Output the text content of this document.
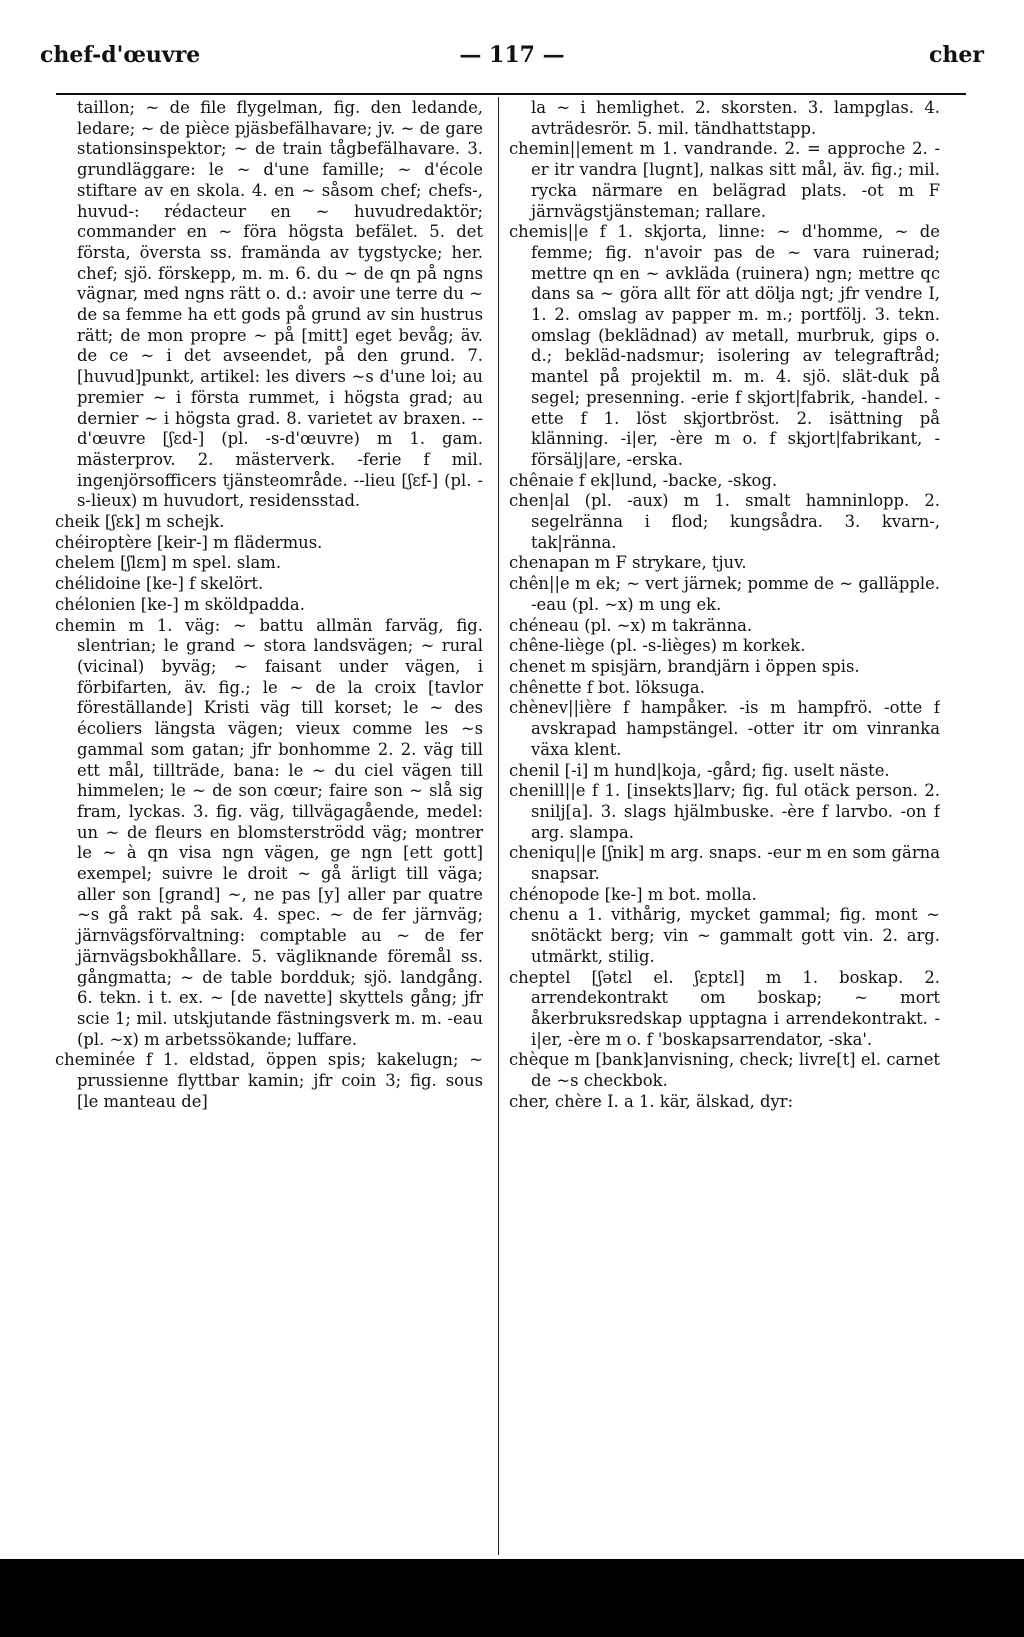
chef-d'œuvre	— 117 —	cher

taillon; ~ de file flygelman, fig. den ledande, ledare; ~ de pièce pjäsbefälhavare; jv. ~ de gare stationsinspektor; ~ de train tågbefälhavare. 3. grundläggare: le ~ d'une famille; ~ d'école stiftare av en skola. 4. en ~ såsom chef; chefs-, huvud-: rédacteur en ~ huvudredaktör; commander en ~ föra högsta befälet. 5. det första, översta ss. framända av tygstycke; her. chef; sjö. förskepp, m. m. 6. du ~ de qn på ngns vägnar, med ngns rätt o. d.: avoir une terre du ~ de sa femme ha ett gods på grund av sin hustrus rätt; de mon propre ~ på [mitt] eget bevåg; äv. de ce ~ i det avseendet, på den grund. 7. [huvud]punkt, artikel: les divers ~s d'une loi; au premier ~ i första rummet, i högsta grad; au dernier ~ i högsta grad. 8. varietet av braxen. --d'œuvre [ʃɛd-] (pl. -s-d'œuvre) m 1. gam. mästerprov. 2. mästerverk. -ferie f mil. ingenjörsofficers tjänsteområde. --lieu [ʃɛf-] (pl. -s-lieux) m huvudort, residensstad.

cheik [ʃɛk] m schejk.

chéiroptère [keir-] m flädermus.

chelem [ʃlɛm] m spel. slam.

chélidoine [ke-] f skelört.

chélonien [ke-] m sköldpadda.

chemin m 1. väg: ~ battu allmän farväg, fig. slentrian; le grand ~ stora landsvägen; ~ rural (vicinal) byväg; ~ faisant under vägen, i förbifarten, äv. fig.; le ~ de la croix [tavlor föreställande] Kristi väg till korset; le ~ des écoliers längsta vägen; vieux comme les ~s gammal som gatan; jfr bonhomme 2. 2. väg till ett mål, tillträde, bana: le ~ du ciel vägen till himmelen; le ~ de son cœur; faire son ~ slå sig fram, lyckas. 3. fig. väg, tillvägagående, medel: un ~ de fleurs en blomsterströdd väg; montrer le ~ à qn visa ngn vägen, ge ngn [ett gott] exempel; suivre le droit ~ gå ärligt till väga; aller son [grand] ~, ne pas [y] aller par quatre ~s gå rakt på sak. 4. spec. ~ de fer järnväg; järnvägsförvaltning: comptable au ~ de fer järnvägsbokhållare. 5. vägliknande föremål ss. gångmatta; ~ de table bordduk; sjö. landgång. 6. tekn. i t. ex. ~ [de navette] skyttels gång; jfr scie 1; mil. utskjutande fästningsverk m. m. -eau (pl. ~x) m arbetssökande; luffare.

cheminée f 1. eldstad, öppen spis; kakelugn; ~ prussienne flyttbar kamin; jfr coin 3; fig. sous [le manteau de]

la ~ i hemlighet. 2. skorsten. 3. lampglas. 4. avträdesrör. 5. mil. tändhattstapp.

chemin||ement m 1. vandrande. 2. = approche 2. -er itr vandra [lugnt], nalkas sitt mål, äv. fig.; mil. rycka närmare en belägrad plats. -ot m F järnvägstjänsteman; rallare.

chemis||e f 1. skjorta, linne: ~ d'homme, ~ de femme; fig. n'avoir pas de ~ vara ruinerad; mettre qn en ~ avkläda (ruinera) ngn; mettre qc dans sa ~ göra allt för att dölja ngt; jfr vendre I, 1. 2. omslag av papper m. m.; portfölj. 3. tekn. omslag (beklädnad) av metall, murbruk, gips o. d.; bekläd-nadsmur; isolering av telegraftråd; mantel på projektil m. m. 4. sjö. slät-duk på segel; presenning. -erie f skjort|fabrik, -handel. -ette f 1. löst skjortbröst. 2. isättning på klänning. -i|er, -ère m o. f skjort|fabrikant, -försälj|are, -erska.

chênaie f ek|lund, -backe, -skog.

chen|al (pl. -aux) m 1. smalt hamninlopp. 2. segelränna i flod; kungsådra. 3. kvarn-, tak|ränna.

chenapan m F strykare, tjuv.

chên||e m ek; ~ vert järnek; pomme de ~ galläpple. -eau (pl. ~x) m ung ek.

chéneau (pl. ~x) m takränna.

chêne-liège (pl. -s-lièges) m korkek.

chenet m spisjärn, brandjärn i öppen spis.

chênette f bot. löksuga.

chènev||ière f hampåker. -is m hampfrö. -otte f avskrapad hampstängel. -otter itr om vinranka växa klent.

chenil [-i] m hund|koja, -gård; fig. uselt näste.

chenill||e f 1. [insekts]larv; fig. ful otäck person. 2. snilj[a]. 3. slags hjälmbuske. -ère f larvbo. -on f arg. slampa.

cheniqu||e [ʃnik] m arg. snaps. -eur m en som gärna snapsar.

chénopode [ke-] m bot. molla.

chenu a 1. vithårig, mycket gammal; fig. mont ~ snötäckt berg; vin ~ gammalt gott vin. 2. arg. utmärkt, stilig.

cheptel [ʃətɛl el. ʃɛptɛl] m 1. boskap. 2. arrendekontrakt om boskap; ~ mort åkerbruksredskap upptagna i arrendekontrakt. -i|er, -ère m o. f 'boskapsarrendator, -ska'.

chèque m [bank]anvisning, check; livre[t] el. carnet de ~s checkbok.

cher, chère I. a 1. kär, älskad, dyr:
